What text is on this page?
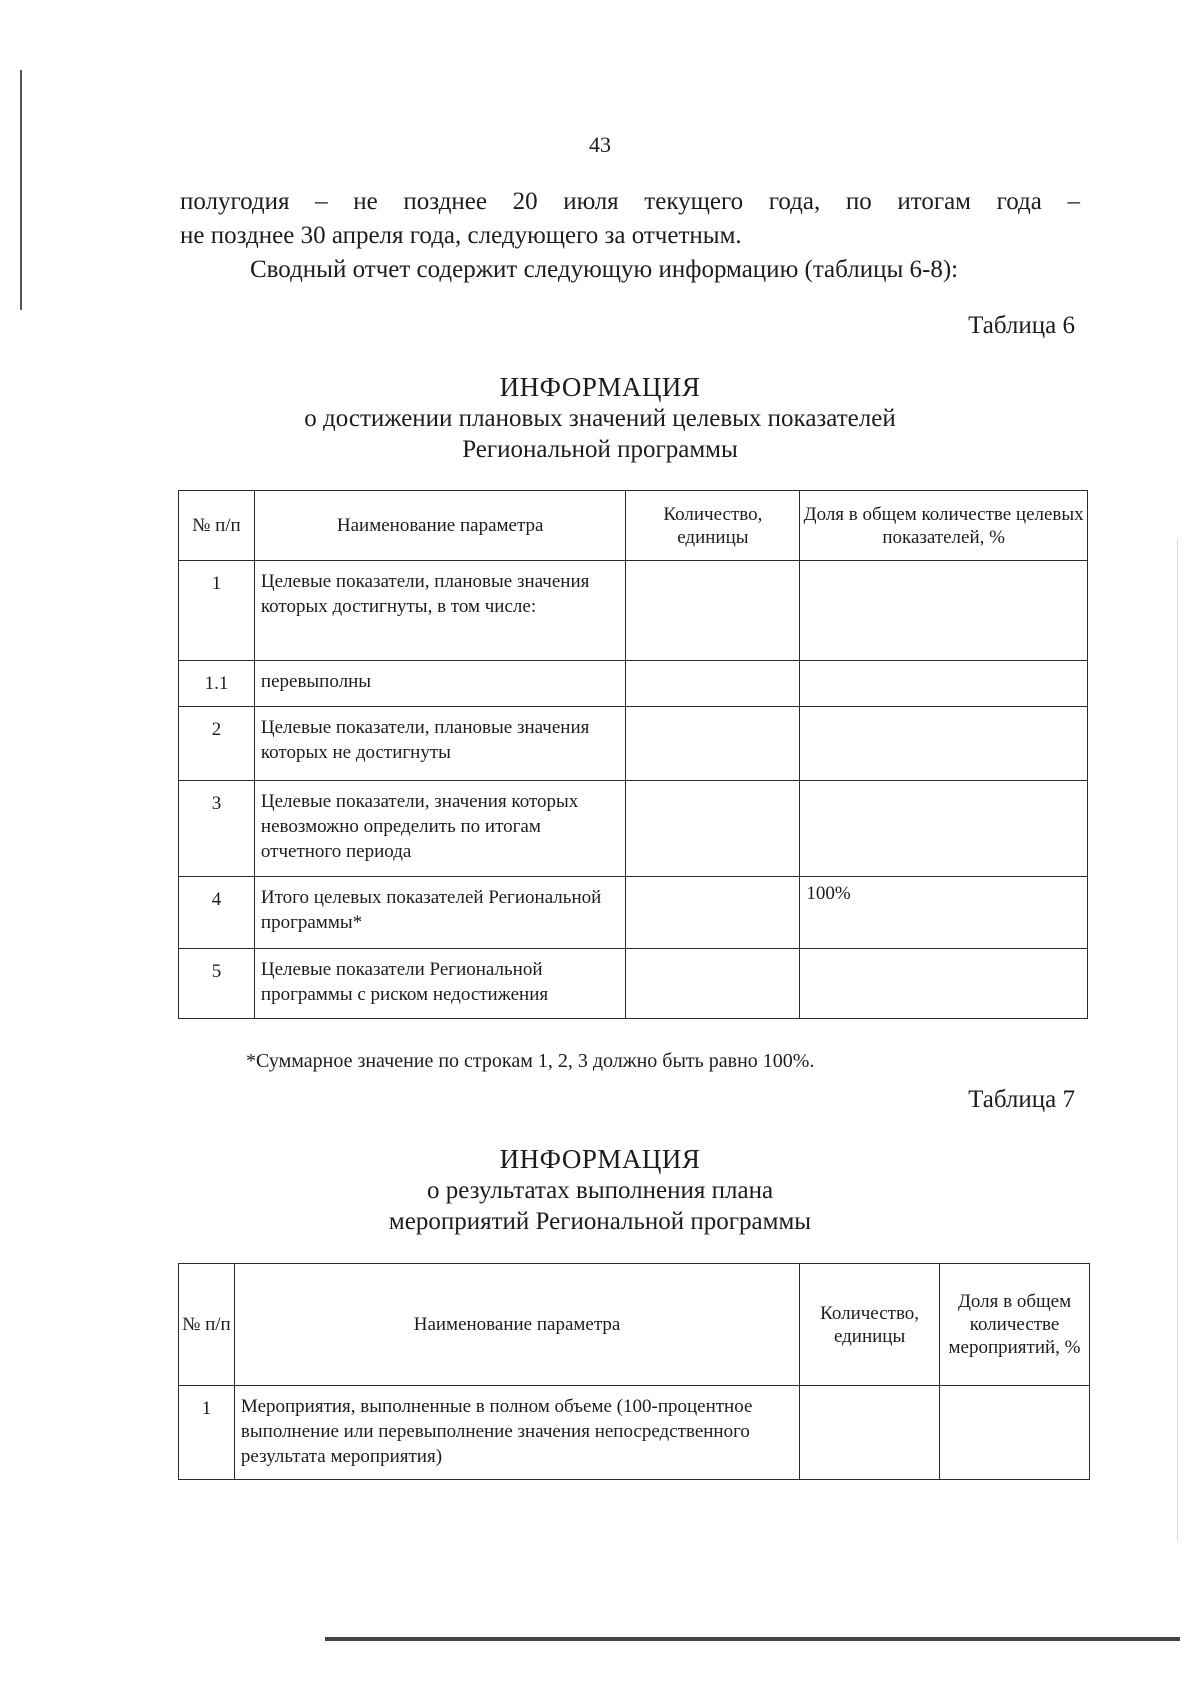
43
полугодия – не позднее 20 июля текущего года, по итогам года –
не позднее 30 апреля года, следующего за отчетным.
Сводный отчет содержит следующую информацию (таблицы 6-8):
Таблица 6
ИНФОРМАЦИЯ
о достижении плановых значений целевых показателей
Региональной программы
№ п/п	Наименование параметра	Количество, единицы	Доля в общем количестве целевых показателей, %
1	Целевые показатели, плановые значения которых достигнуты, в том числе:		
1.1	перевыполны		
2	Целевые показатели, плановые значения которых не достигнуты		
3	Целевые показатели, значения которых невозможно определить по итогам отчетного периода		
4	Итого целевых показателей Региональной программы*		100%
5	Целевые показатели Региональной программы с риском недостижения		
*Суммарное значение по строкам 1, 2, 3 должно быть равно 100%.
Таблица 7
ИНФОРМАЦИЯ
о результатах выполнения плана
мероприятий Региональной программы
№ п/п	Наименование параметра	Количество, единицы	Доля в общем количестве мероприятий, %
1	Мероприятия, выполненные в полном объеме (100-процентное выполнение или перевыполнение значения непосредственного результата мероприятия)		
